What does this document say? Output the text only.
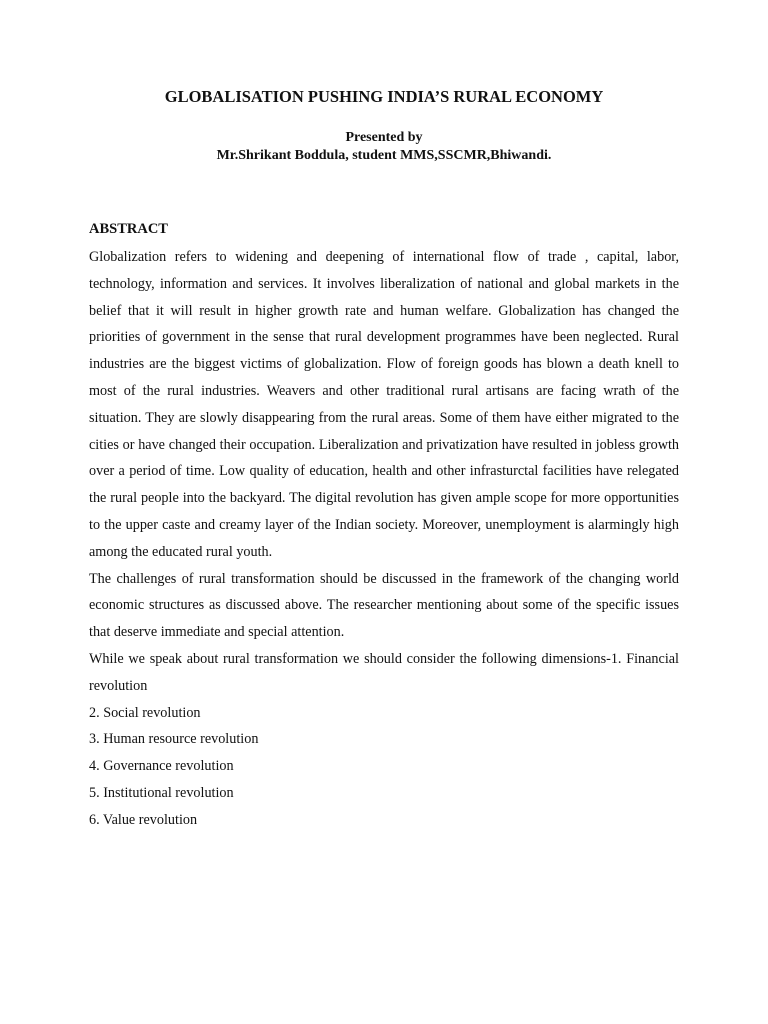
GLOBALISATION PUSHING INDIA’S RURAL ECONOMY
Presented by
Mr.Shrikant Boddula, student MMS,SSCMR,Bhiwandi.
ABSTRACT

Globalization refers to widening and deepening of international flow of trade , capital, labor, technology, information and services. It involves liberalization of national and global markets in the belief that it will result in higher growth rate and human welfare. Globalization has changed the priorities of government in the sense that rural development programmes have been neglected. Rural industries are the biggest victims of globalization. Flow of foreign goods has blown a death knell to most of the rural industries. Weavers and other traditional rural artisans are facing wrath of the situation. They are slowly disappearing from the rural areas. Some of them have either migrated to the cities or have changed their occupation. Liberalization and privatization have resulted in jobless growth over a period of time. Low quality of education, health and other infrasturctal facilities have relegated the rural people into the backyard. The digital revolution has given ample scope for more opportunities to the upper caste and creamy layer of the Indian society. Moreover, unemployment is alarmingly high among the educated rural youth.

The challenges of rural transformation should be discussed in the framework of the changing world economic structures as discussed above. The researcher mentioning about some of the specific issues that deserve immediate and special attention.

While we speak about rural transformation we should consider the following dimensions-1. Financial revolution

2. Social revolution
3. Human resource revolution
4. Governance revolution
5. Institutional revolution
6. Value revolution
